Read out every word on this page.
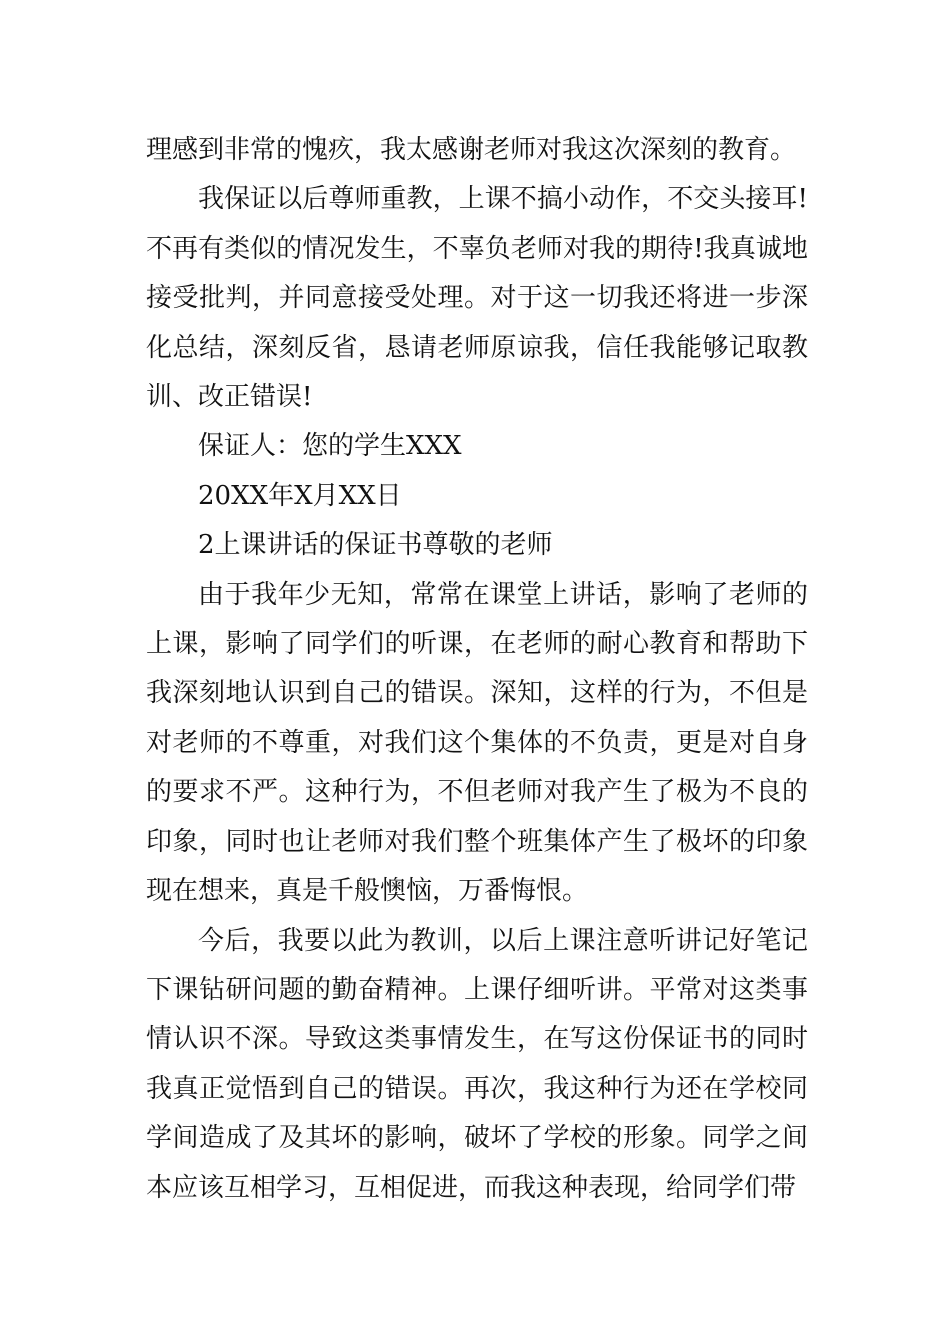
理感到非常的愧疚，我太感谢老师对我这次深刻的教育。

我保证以后尊师重教，上课不搞小动作，不交头接耳!不再有类似的情况发生，不辜负老师对我的期待!我真诚地接受批判，并同意接受处理。对于这一切我还将进一步深化总结，深刻反省，恳请老师原谅我，信任我能够记取教训、改正错误!

保证人：您的学生XXX

20XX年X月XX日

2上课讲话的保证书尊敬的老师

由于我年少无知，常常在课堂上讲话，影响了老师的上课，影响了同学们的听课，在老师的耐心教育和帮助下我深刻地认识到自己的错误。深知，这样的行为，不但是对老师的不尊重，对我们这个集体的不负责，更是对自身的要求不严。这种行为，不但老师对我产生了极为不良的印象，同时也让老师对我们整个班集体产生了极坏的印象现在想来，真是千般懊恼，万番悔恨。

今后，我要以此为教训，以后上课注意听讲记好笔记下课钻研问题的勤奋精神。上课仔细听讲。平常对这类事情认识不深。导致这类事情发生，在写这份保证书的同时我真正觉悟到自己的错误。再次，我这种行为还在学校同学间造成了及其坏的影响，破坏了学校的形象。同学之间本应该互相学习，互相促进，而我这种表现，给同学们带
